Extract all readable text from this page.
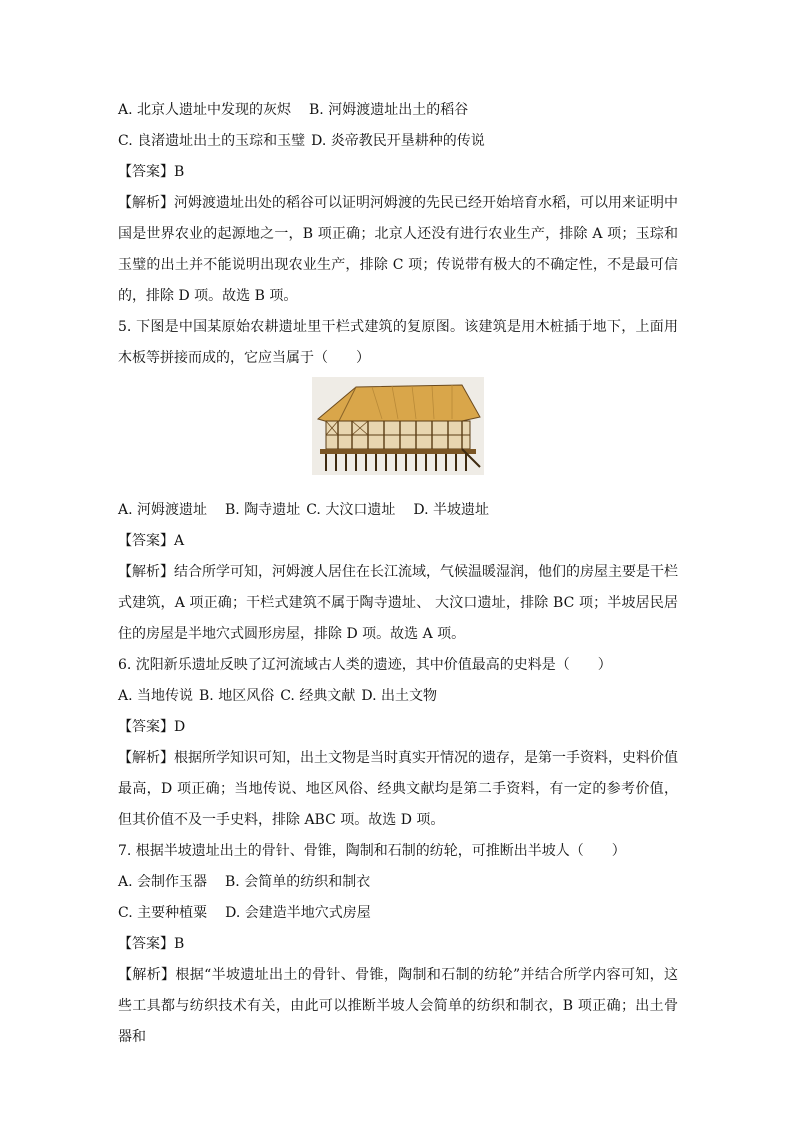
A. 北京人遗址中发现的灰烬 B. 河姆渡遗址出土的稻谷
C. 良渚遗址出土的玉琮和玉璧 D. 炎帝教民开垦耕种的传说
【答案】B
【解析】河姆渡遗址出处的稻谷可以证明河姆渡的先民已经开始培育水稻，可以用来证明中国是世界农业的起源地之一，B 项正确；北京人还没有进行农业生产，排除 A 项；玉琮和玉璧的出土并不能说明出现农业生产，排除 C 项；传说带有极大的不确定性，不是最可信的，排除 D 项。故选 B 项。
5. 下图是中国某原始农耕遗址里干栏式建筑的复原图。该建筑是用木桩插于地下，上面用木板等拼接而成的，它应当属于（　　）
A. 河姆渡遗址 B. 陶寺遗址 C. 大汶口遗址 D. 半坡遗址
【答案】A
【解析】结合所学可知，河姆渡人居住在长江流域，气候温暖湿润，他们的房屋主要是干栏式建筑，A 项正确；干栏式建筑不属于陶寺遗址、 大汶口遗址，排除 BC 项；半坡居民居住的房屋是半地穴式圆形房屋，排除 D 项。故选 A 项。
6. 沈阳新乐遗址反映了辽河流域古人类的遗迹，其中价值最高的史料是（　　）
A. 当地传说 B. 地区风俗 C. 经典文献 D. 出土文物
【答案】D
【解析】根据所学知识可知，出土文物是当时真实开情况的遗存，是第一手资料，史料价值最高，D 项正确；当地传说、地区风俗、经典文献均是第二手资料，有一定的参考价值，但其价值不及一手史料，排除 ABC 项。故选 D 项。
7. 根据半坡遗址出土的骨针、骨锥，陶制和石制的纺轮，可推断出半坡人（　　）
A. 会制作玉器 B. 会简单的纺织和制衣
C. 主要种植粟 D. 会建造半地穴式房屋
【答案】B
【解析】根据“半坡遗址出土的骨针、骨锥，陶制和石制的纺轮”并结合所学内容可知，这些工具都与纺织技术有关，由此可以推断半坡人会简单的纺织和制衣，B 项正确；出土骨器和
